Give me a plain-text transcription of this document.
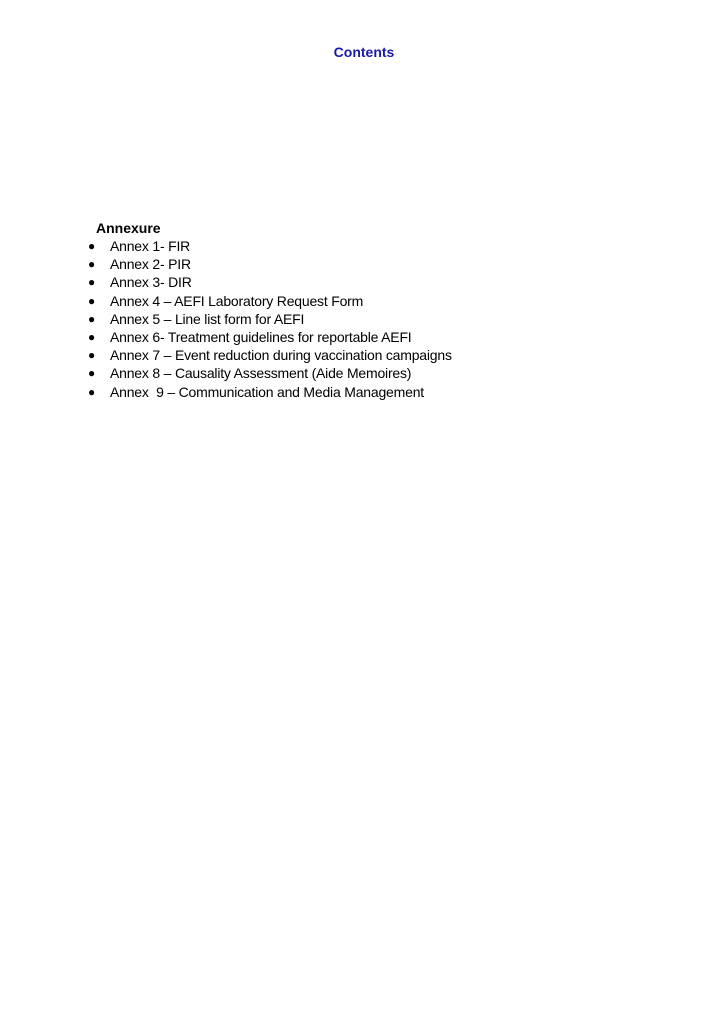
Contents
Annexure
● Annex 1- FIR
● Annex 2- PIR
● Annex 3- DIR
● Annex 4 – AEFI Laboratory Request Form
● Annex 5 – Line list form for AEFI
● Annex 6- Treatment guidelines for reportable AEFI
● Annex 7 – Event reduction during vaccination campaigns
● Annex 8 – Causality Assessment (Aide Memoires)
● Annex  9 – Communication and Media Management
